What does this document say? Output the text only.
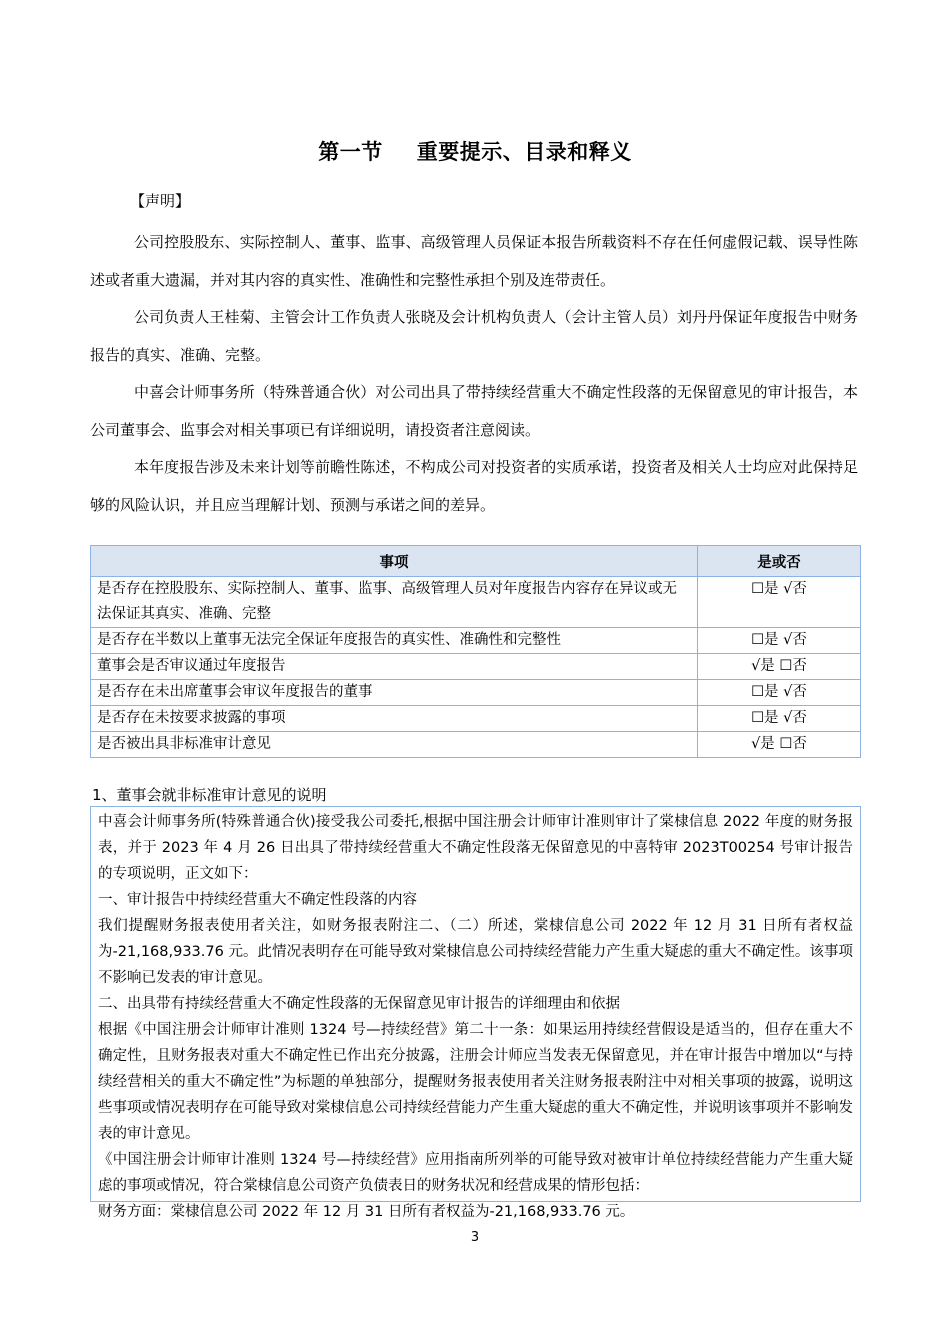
第一节 重要提示、目录和释义
【声明】

公司控股股东、实际控制人、董事、监事、高级管理人员保证本报告所载资料不存在任何虚假记载、误导性陈述或者重大遗漏，并对其内容的真实性、准确性和完整性承担个别及连带责任。

公司负责人王桂菊、主管会计工作负责人张晓及会计机构负责人（会计主管人员）刘丹丹保证年度报告中财务报告的真实、准确、完整。

中喜会计师事务所（特殊普通合伙）对公司出具了带持续经营重大不确定性段落的无保留意见的审计报告，本公司董事会、监事会对相关事项已有详细说明，请投资者注意阅读。

本年度报告涉及未来计划等前瞻性陈述，不构成公司对投资者的实质承诺，投资者及相关人士均应对此保持足够的风险认识，并且应当理解计划、预测与承诺之间的差异。

事项	是或否
是否存在控股股东、实际控制人、董事、监事、高级管理人员对年度报告内容存在异议或无法保证其真实、准确、完整	☐是 √否
是否存在半数以上董事无法完全保证年度报告的真实性、准确性和完整性	☐是 √否
董事会是否审议通过年度报告	√是 ☐否
是否存在未出席董事会审议年度报告的董事	☐是 √否
是否存在未按要求披露的事项	☐是 √否
是否被出具非标准审计意见	√是 ☐否
1、董事会就非标准审计意见的说明

中喜会计师事务所(特殊普通合伙)接受我公司委托,根据中国注册会计师审计准则审计了棠棣信息 2022 年度的财务报表，并于 2023 年 4 月 26 日出具了带持续经营重大不确定性段落无保留意见的中喜特审 2023T00254 号审计报告的专项说明，正文如下：

一、审计报告中持续经营重大不确定性段落的内容

我们提醒财务报表使用者关注，如财务报表附注二、（二）所述，棠棣信息公司 2022 年 12 月 31 日所有者权益为-21,168,933.76 元。此情况表明存在可能导致对棠棣信息公司持续经营能力产生重大疑虑的重大不确定性。该事项不影响已发表的审计意见。

二、出具带有持续经营重大不确定性段落的无保留意见审计报告的详细理由和依据

根据《中国注册会计师审计准则 1324 号—持续经营》第二十一条：如果运用持续经营假设是适当的，但存在重大不确定性，且财务报表对重大不确定性已作出充分披露，注册会计师应当发表无保留意见，并在审计报告中增加以“与持续经营相关的重大不确定性”为标题的单独部分，提醒财务报表使用者关注财务报表附注中对相关事项的披露，说明这些事项或情况表明存在可能导致对棠棣信息公司持续经营能力产生重大疑虑的重大不确定性，并说明该事项并不影响发表的审计意见。

《中国注册会计师审计准则 1324 号—持续经营》应用指南所列举的可能导致对被审计单位持续经营能力产生重大疑虑的事项或情况，符合棠棣信息公司资产负债表日的财务状况和经营成果的情形包括：

财务方面：棠棣信息公司 2022 年 12 月 31 日所有者权益为-21,168,933.76 元。

3
